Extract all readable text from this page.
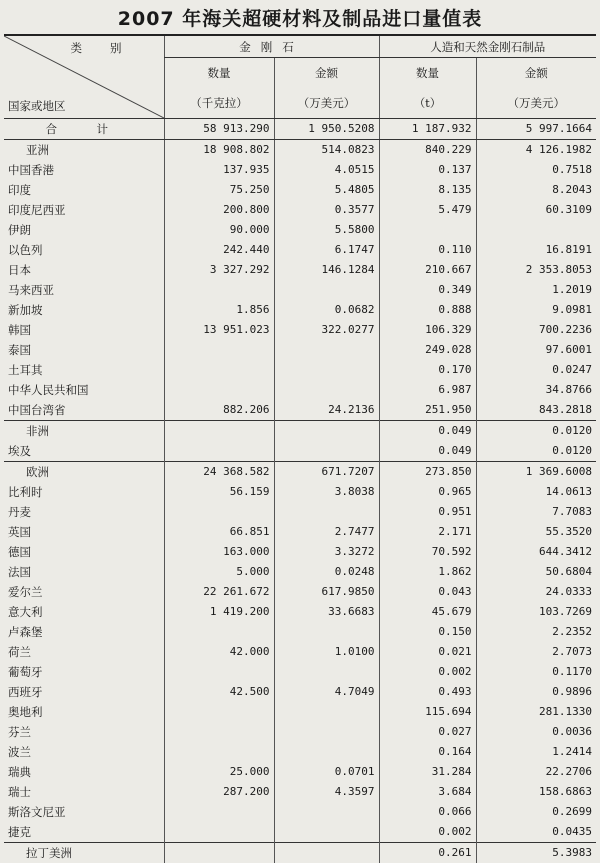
2007 年海关超硬材料及制品进口量值表
类别
国家或地区	金刚石		人造和天然金刚石制品	

	数量	金额	数量	金额

	（千克拉）	（万美元）	（t）	（万美元）
合　计	58 913.290	1 950.5208	1 187.932	5 997.1664
亚洲	18 908.802	514.0823	840.229	4 126.1982
中国香港	137.935	4.0515	0.137	0.7518
印度	75.250	5.4805	8.135	8.2043
印度尼西亚	200.800	0.3577	5.479	60.3109
伊朗	90.000	5.5800		
以色列	242.440	6.1747	0.110	16.8191
日本	3 327.292	146.1284	210.667	2 353.8053
马来西亚			0.349	1.2019
新加坡	1.856	0.0682	0.888	9.0981
韩国	13 951.023	322.0277	106.329	700.2236
泰国			249.028	97.6001
土耳其			0.170	0.0247
中华人民共和国			6.987	34.8766
中国台湾省	882.206	24.2136	251.950	843.2818
非洲			0.049	0.0120
埃及			0.049	0.0120
欧洲	24 368.582	671.7207	273.850	1 369.6008
比利时	56.159	3.8038	0.965	14.0613
丹麦			0.951	7.7083
英国	66.851	2.7477	2.171	55.3520
德国	163.000	3.3272	70.592	644.3412
法国	5.000	0.0248	1.862	50.6804
爱尔兰	22 261.672	617.9850	0.043	24.0333
意大利	1 419.200	33.6683	45.679	103.7269
卢森堡			0.150	2.2352
荷兰	42.000	1.0100	0.021	2.7073
葡萄牙			0.002	0.1170
西班牙	42.500	4.7049	0.493	0.9896
奥地利			115.694	281.1330
芬兰			0.027	0.0036
波兰			0.164	1.2414
瑞典	25.000	0.0701	31.284	22.2706
瑞士	287.200	4.3597	3.684	158.6863
斯洛文尼亚			0.066	0.2699
捷克			0.002	0.0435
拉丁美洲			0.261	5.3983
